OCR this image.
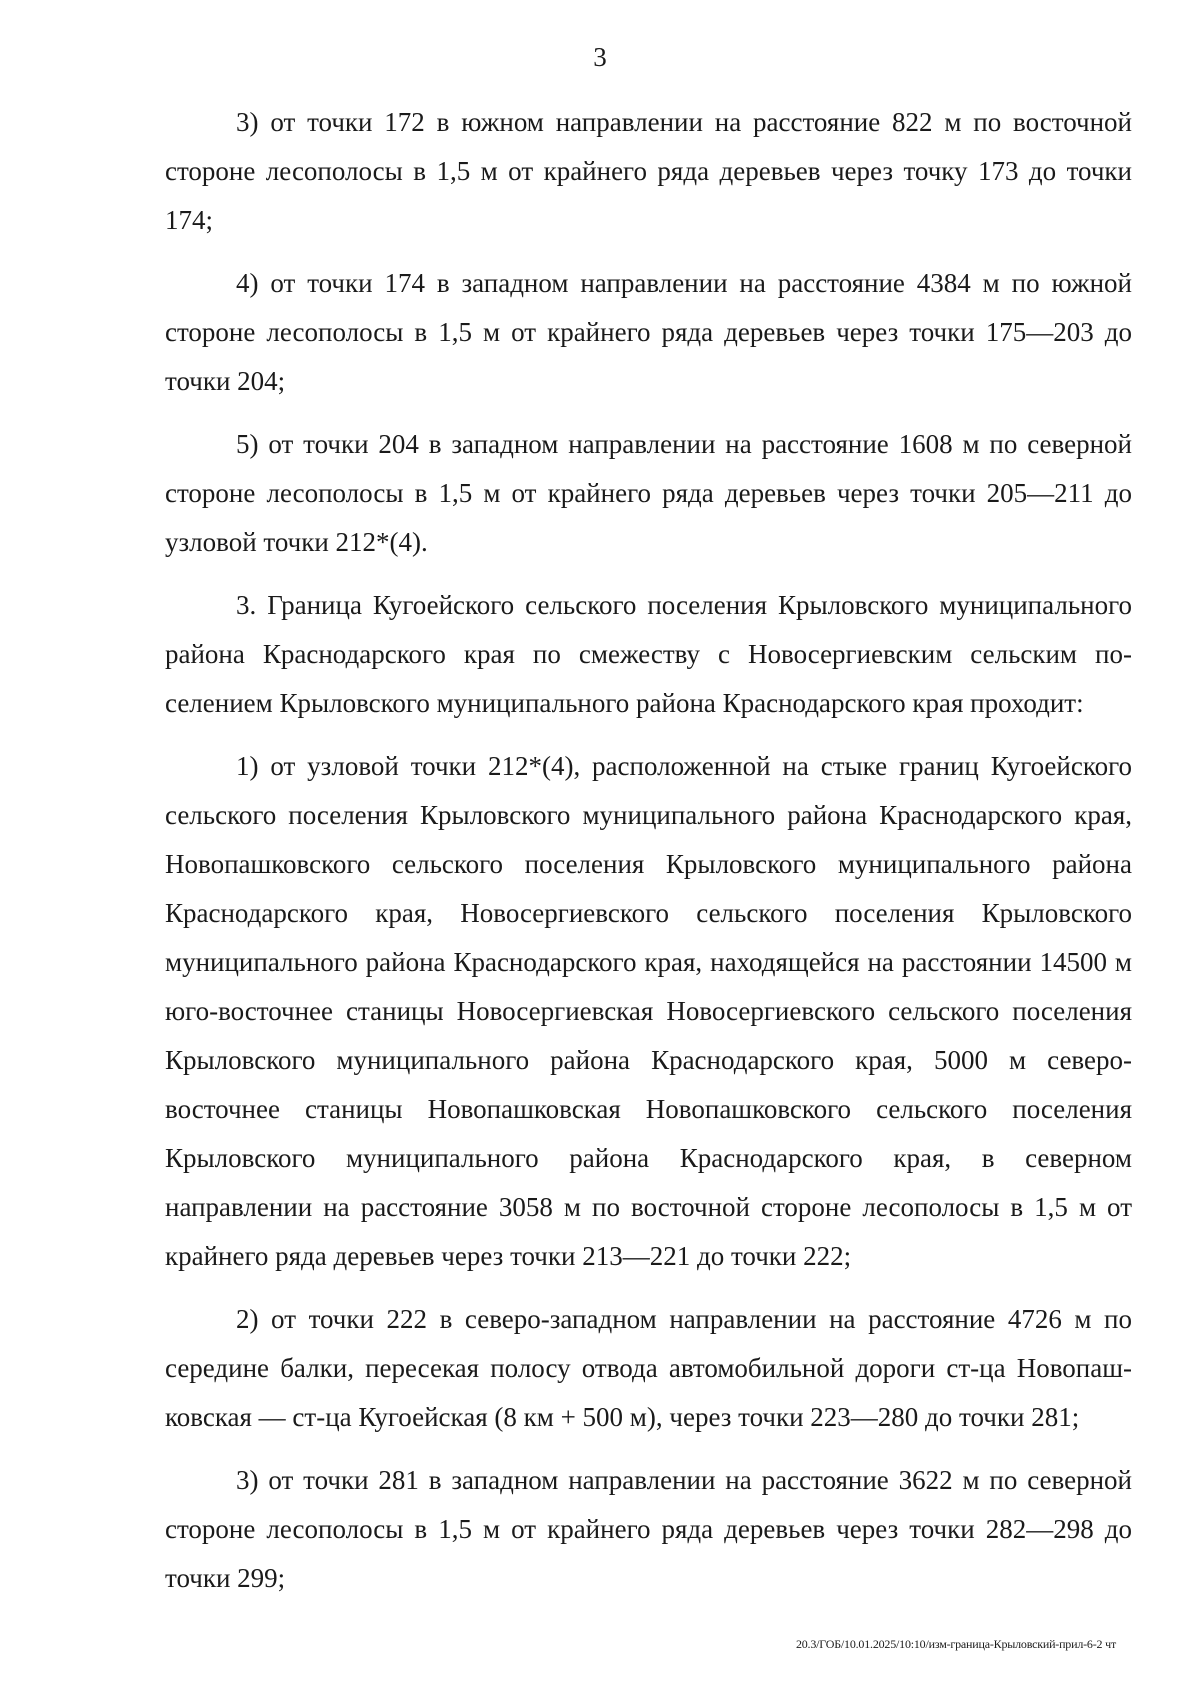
3

3) от точки 172 в южном направлении на расстояние 822 м по восточной стороне лесополосы в 1,5 м от крайнего ряда деревьев через точку 173 до точки 174;

4) от точки 174 в западном направлении на расстояние 4384 м по южной стороне лесополосы в 1,5 м от крайнего ряда деревьев через точки 175—203 до точки 204;

5) от точки 204 в западном направлении на расстояние 1608 м по северной стороне лесополосы в 1,5 м от крайнего ряда деревьев через точки 205—211 до узловой точки 212*(4).

3. Граница Кугоейского сельского поселения Крыловского муниципального района Краснодарского края по смежеству с Новосергиевским сельским поселением Крыловского муниципального района Краснодарского края проходит:

1) от узловой точки 212*(4), расположенной на стыке границ Кугоейского сельского поселения Крыловского муниципального района Краснодарского края, Новопашковского сельского поселения Крыловского муниципального района Краснодарского края, Новосергиевского сельского поселения Крыловского муниципального района Краснодарского края, находящейся на расстоянии 14500 м юго-восточнее станицы Новосергиевская Новосергиевского сельского поселения Крыловского муниципального района Краснодарского края, 5000 м северо-восточнее станицы Новопашковская Новопашковского сельского поселения Крыловского муниципального района Краснодарского края, в северном направлении на расстояние 3058 м по восточной стороне лесополосы в 1,5 м от крайнего ряда деревьев через точки 213—221 до точки 222;

2) от точки 222 в северо-западном направлении на расстояние 4726 м по середине балки, пересекая полосу отвода автомобильной дороги ст-ца Новопашковская — ст-ца Кугоейская (8 км + 500 м), через точки 223—280 до точки 281;

3) от точки 281 в западном направлении на расстояние 3622 м по северной стороне лесополосы в 1,5 м от крайнего ряда деревьев через точки 282—298 до точки 299;

20.3/ГОБ/10.01.2025/10:10/изм-граница-Крыловский-прил-6-2 чт
